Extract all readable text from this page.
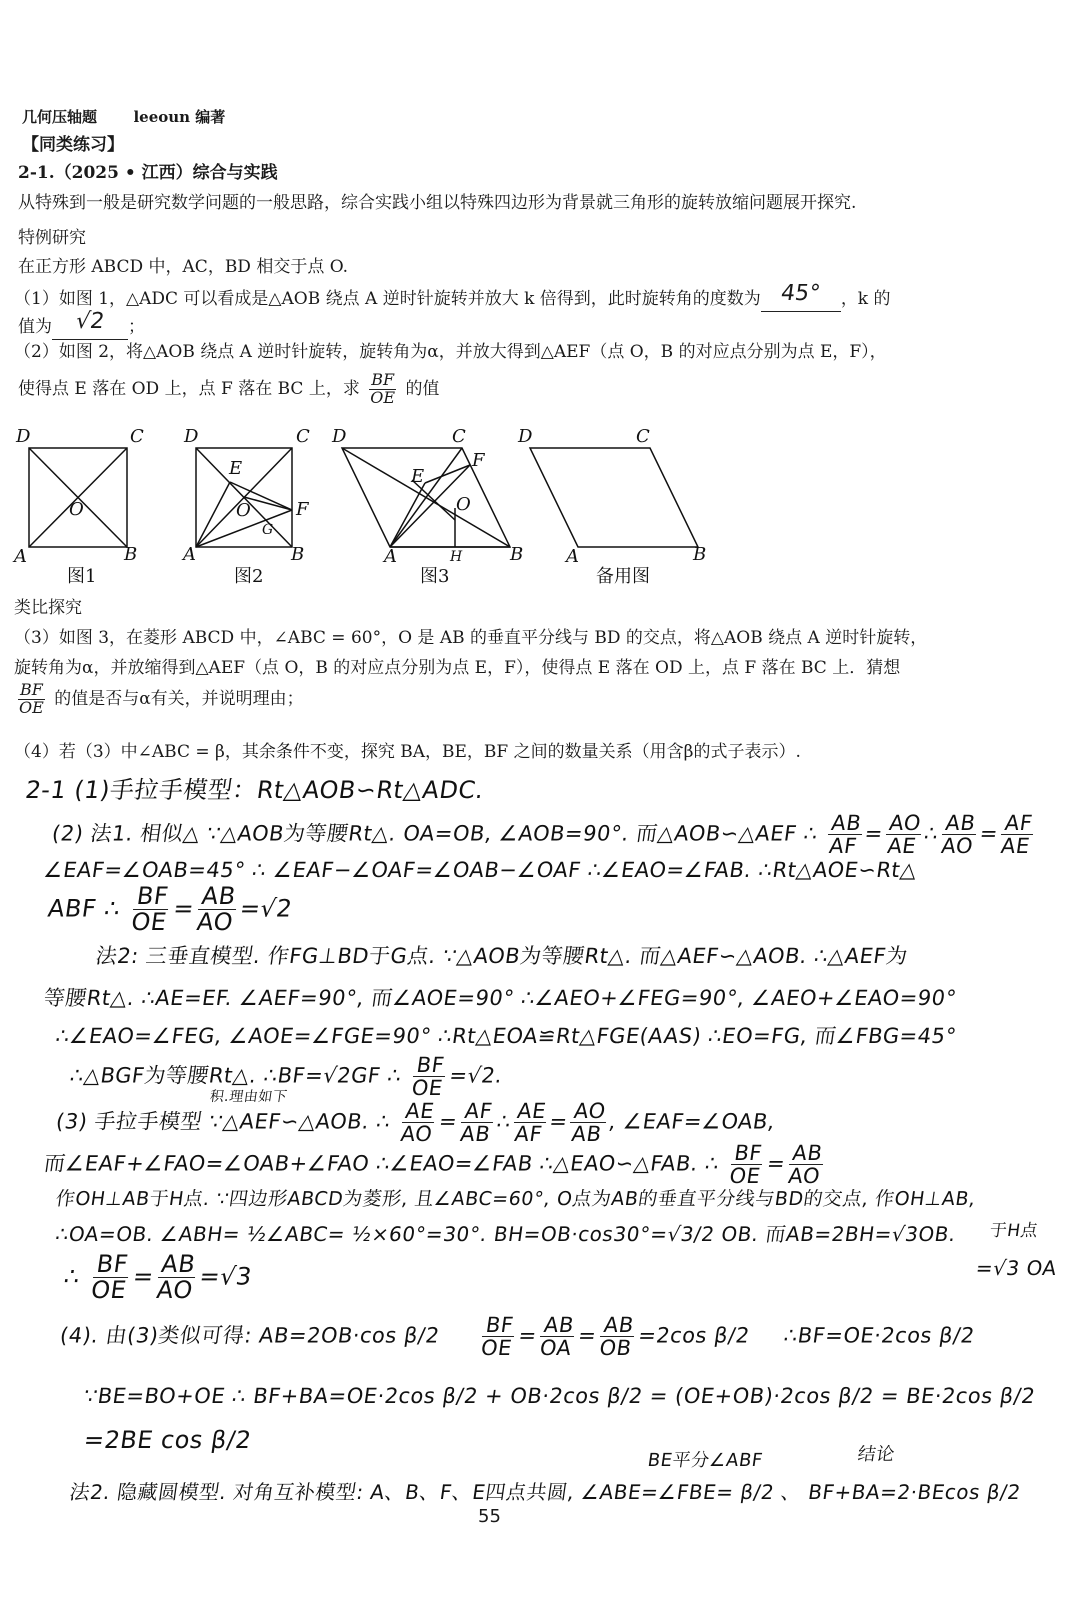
几何压轴题 leeoun 编著
【同类练习】
2-1.（2025 • 江西）综合与实践
从特殊到一般是研究数学问题的一般思路，综合实践小组以特殊四边形为背景就三角形的旋转放缩问题展开探究.
特例研究
在正方形 ABCD 中，AC，BD 相交于点 O.
（1）如图 1，△ADC 可以看成是△AOB 绕点 A 逆时针旋转并放大 k 倍得到，此时旋转角的度数为 45° ，k 的
值为 √2 ；
（2）如图 2，将△AOB 绕点 A 逆时针旋转，旋转角为α，并放大得到△AEF（点 O，B 的对应点分别为点 E，F），
使得点 E 落在 OD 上，点 F 落在 BC 上，求 $\frac{BF}{OE}$ 的值
D	C
A	B
O
D	C
A	B
E
O	F
G
D	C
A	B
E
F
O
H
D	C
A	B
图1	图2	图3	备用图
类比探究
（3）如图 3，在菱形 ABCD 中，∠ABC = 60°，O 是 AB 的垂直平分线与 BD 的交点，将△AOB 绕点 A 逆时针旋转，
旋转角为α，并放缩得到△AEF（点 O，B 的对应点分别为点 E，F），使得点 E 落在 OD 上，点 F 落在 BC 上．猜想
$\frac{BF}{OE}$ 的值是否与α有关，并说明理由；
（4）若（3）中∠ABC = β，其余条件不变，探究 BA，BE，BF 之间的数量关系（用含β的式子表示）.
2-1 (1)手拉手模型：Rt△AOB∽Rt△ADC.
(2) 法1. 相似△ ∵△AOB为等腰Rt△. OA=OB, ∠AOB=90°. 而△AOB∽△AEF ∴ $\frac{AB}{AF}$
=
$\frac{AO}{AE}$
∴
$\frac{AB}{AO}$
=
$\frac{AF}{AE}$
∠EAF=∠OAB=45° ∴ ∠EAF−∠OAF=∠OAB−∠OAF ∴∠EAO=∠FAB. ∴Rt△AOE∽Rt△
ABF ∴ $\frac{BF}{OE}$
=
$\frac{AB}{AO}$
=√2
法2: 三垂直模型. 作FG⊥BD于G点. ∵△AOB为等腰Rt△. 而△AEF∽△AOB. ∴△AEF为
等腰Rt△. ∴AE=EF. ∠AEF=90°, 而∠AOE=90° ∴∠AEO+∠FEG=90°, ∠AEO+∠EAO=90°
∴∠EAO=∠FEG, ∠AOE=∠FGE=90° ∴Rt△EOA≌Rt△FGE(AAS) ∴EO=FG, 而∠FBG=45°
∴△BGF为等腰Rt△. ∴BF=√2GF ∴ $\frac{BF}{OE}$
=√2.
积.理由如下
(3) 手拉手模型 ∵△AEF∽△AOB. ∴ $\frac{AE}{AO}$
=
$\frac{AF}{AB}$
∴
$\frac{AE}{AF}$
=
$\frac{AO}{AB}$
, ∠EAF=∠OAB,
而∠EAF+∠FAO=∠OAB+∠FAO ∴∠EAO=∠FAB ∴△EAO∽△FAB. ∴ $\frac{BF}{OE}$
=
$\frac{AB}{AO}$
作OH⊥AB于H点. ∵四边形ABCD为菱形, 且∠ABC=60°, O点为AB的垂直平分线与BD的交点, 作OH⊥AB,
∴OA=OB. ∠ABH= ½∠ABC= ½×60°=30°. BH=OB·cos30°=√3/2 OB. 而AB=2BH=√3OB. 于H点
=√3 OA
∴ $\frac{BF}{OE}$
=
$\frac{AB}{AO}$
=√3
(4). 由(3)类似可得: AB=2OB·cos $\beta/2 \frac{BF}{OE}$
=
$\frac{AB}{OA}$
=
$\frac{AB}{OB}$
=2cos β/2 ∴BF=OE·2cos β/2
∵BE=BO+OE ∴ BF+BA=OE·2cos β/2 + OB·2cos β/2 = (OE+OB)·2cos β/2 = BE·2cos β/2
=2BE cos β/2
BE平分∠ABF	结论
法2. 隐藏圆模型. 对角互补模型: A、B、F、E四点共圆, ∠ABE=∠FBE= β/2 、 BF+BA=2·BEcos β/2
55
